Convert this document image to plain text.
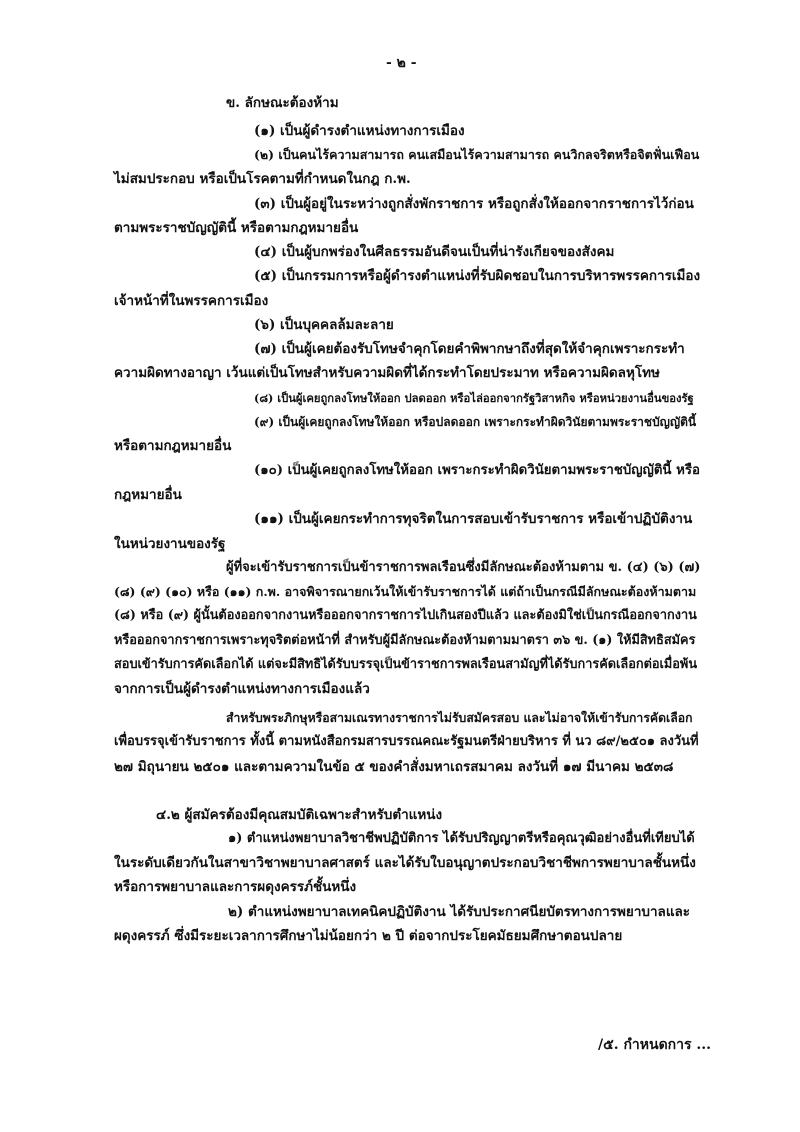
- ๒ -
ข. ลักษณะต้องห้าม
(๑) เป็นผู้ดำรงตำแหน่งทางการเมือง
(๒) เป็นคนไร้ความสามารถ คนเสมือนไร้ความสามารถ คนวิกลจริตหรือจิตฟั่นเฟือน
ไม่สมประกอบ หรือเป็นโรคตามที่กำหนดในกฎ ก.พ.
(๓) เป็นผู้อยู่ในระหว่างถูกสั่งพักราชการ หรือถูกสั่งให้ออกจากราชการไว้ก่อน
ตามพระราชบัญญัตินี้ หรือตามกฎหมายอื่น
(๔) เป็นผู้บกพร่องในศีลธรรมอันดีจนเป็นที่น่ารังเกียจของสังคม
(๕) เป็นกรรมการหรือผู้ดำรงตำแหน่งที่รับผิดชอบในการบริหารพรรคการเมือง
เจ้าหน้าที่ในพรรคการเมือง
(๖) เป็นบุคคลล้มละลาย
(๗) เป็นผู้เคยต้องรับโทษจำคุกโดยคำพิพากษาถึงที่สุดให้จำคุกเพราะกระทำ
ความผิดทางอาญา เว้นแต่เป็นโทษสำหรับความผิดที่ได้กระทำโดยประมาท หรือความผิดลหุโทษ
(๘) เป็นผู้เคยถูกลงโทษให้ออก ปลดออก หรือไล่ออกจากรัฐวิสาหกิจ หรือหน่วยงานอื่นของรัฐ
(๙) เป็นผู้เคยถูกลงโทษให้ออก หรือปลดออก เพราะกระทำผิดวินัยตามพระราชบัญญัตินี้
หรือตามกฎหมายอื่น
(๑๐) เป็นผู้เคยถูกลงโทษให้ออก เพราะกระทำผิดวินัยตามพระราชบัญญัตินี้ หรือ
กฎหมายอื่น
(๑๑) เป็นผู้เคยกระทำการทุจริตในการสอบเข้ารับราชการ หรือเข้าปฏิบัติงาน
ในหน่วยงานของรัฐ
ผู้ที่จะเข้ารับราชการเป็นข้าราชการพลเรือนซึ่งมีลักษณะต้องห้ามตาม ข. (๔) (๖) (๗)
(๘) (๙) (๑๐) หรือ (๑๑) ก.พ. อาจพิจารณายกเว้นให้เข้ารับราชการได้ แต่ถ้าเป็นกรณีมีลักษณะต้องห้ามตาม
(๘) หรือ (๙) ผู้นั้นต้องออกจากงานหรือออกจากราชการไปเกินสองปีแล้ว และต้องมิใช่เป็นกรณีออกจากงาน
หรือออกจากราชการเพราะทุจริตต่อหน้าที่ สำหรับผู้มีลักษณะต้องห้ามตามมาตรา ๓๖ ข. (๑) ให้มีสิทธิสมัคร
สอบเข้ารับการคัดเลือกได้ แต่จะมีสิทธิได้รับบรรจุเป็นข้าราชการพลเรือนสามัญที่ได้รับการคัดเลือกต่อเมื่อพ้น
จากการเป็นผู้ดำรงตำแหน่งทางการเมืองแล้ว
สำหรับพระภิกษุหรือสามเณรทางราชการไม่รับสมัครสอบ และไม่อาจให้เข้ารับการคัดเลือก
เพื่อบรรจุเข้ารับราชการ ทั้งนี้ ตามหนังสือกรมสารบรรณคณะรัฐมนตรีฝ่ายบริหาร ที่ นว ๘๙/๒๕๐๑ ลงวันที่
๒๗ มิถุนายน ๒๕๐๑ และตามความในข้อ ๕ ของคำสั่งมหาเถรสมาคม ลงวันที่ ๑๗ มีนาคม ๒๕๓๘
๔.๒ ผู้สมัครต้องมีคุณสมบัติเฉพาะสำหรับตำแหน่ง
๑) ตำแหน่งพยาบาลวิชาชีพปฏิบัติการ ได้รับปริญญาตรีหรือคุณวุฒิอย่างอื่นที่เทียบได้
ในระดับเดียวกันในสาขาวิชาพยาบาลศาสตร์ และได้รับใบอนุญาตประกอบวิชาชีพการพยาบาลชั้นหนึ่ง
หรือการพยาบาลและการผดุงครรภ์ชั้นหนึ่ง
๒) ตำแหน่งพยาบาลเทคนิคปฏิบัติงาน ได้รับประกาศนียบัตรทางการพยาบาลและ
ผดุงครรภ์ ซึ่งมีระยะเวลาการศึกษาไม่น้อยกว่า ๒ ปี ต่อจากประโยคมัธยมศึกษาตอนปลาย
/๕. กำหนดการ ...
